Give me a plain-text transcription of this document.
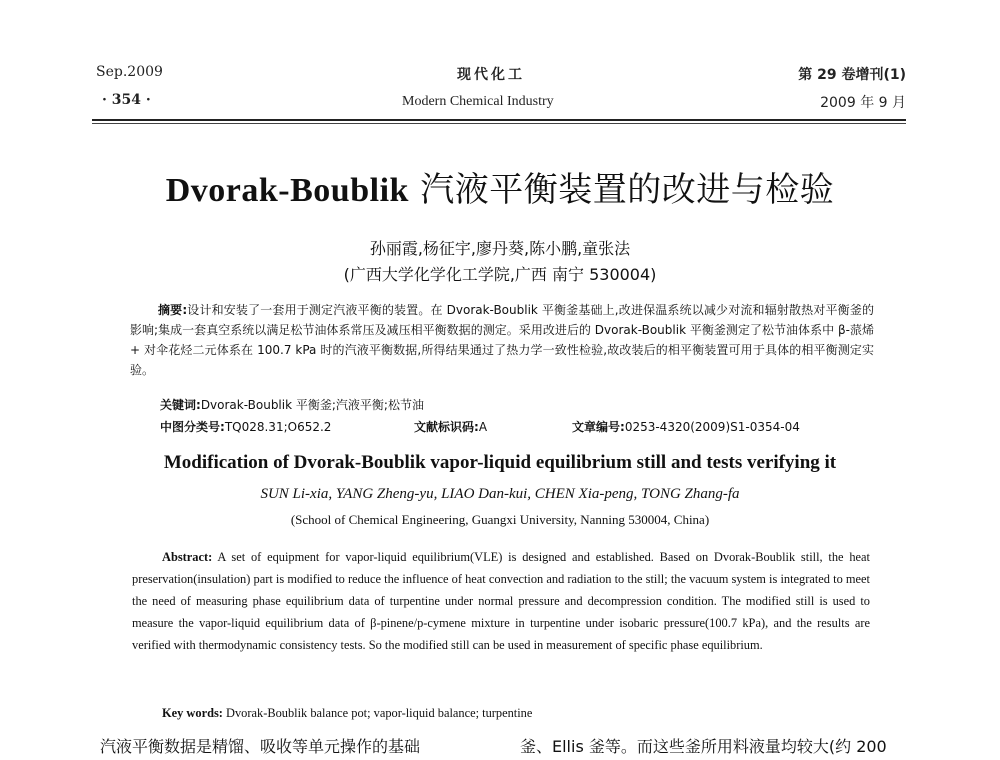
Sep.2009
· 354 ·
现代化工
Modern Chemical Industry
第 29 卷增刊(1)
2009 年 9 月
Dvorak-Boublik 汽液平衡装置的改进与检验
孙丽霞,杨征宇,廖丹葵,陈小鹏,童张法
(广西大学化学化工学院,广西 南宁 530004)
摘要:设计和安装了一套用于测定汽液平衡的装置。在 Dvorak-Boublik 平衡釜基础上,改进保温系统以减少对流和辐射散热对平衡釜的影响;集成一套真空系统以满足松节油体系常压及减压相平衡数据的测定。采用改进后的 Dvorak-Boublik 平衡釜测定了松节油体系中 β-蒎烯 + 对伞花烃二元体系在 100.7 kPa 时的汽液平衡数据,所得结果通过了热力学一致性检验,故改装后的相平衡装置可用于具体的相平衡测定实验。
关键词:Dvorak-Boublik 平衡釜;汽液平衡;松节油
中图分类号:TQ028.31;O652.2	文献标识码:A	文章编号:0253-4320(2009)S1-0354-04
Modification of Dvorak-Boublik vapor-liquid equilibrium still and tests verifying it
SUN Li-xia, YANG Zheng-yu, LIAO Dan-kui, CHEN Xia-peng, TONG Zhang-fa
(School of Chemical Engineering, Guangxi University, Nanning 530004, China)
Abstract: A set of equipment for vapor-liquid equilibrium(VLE) is designed and established. Based on Dvorak-Boublik still, the heat preservation(insulation) part is modified to reduce the influence of heat convection and radiation to the still; the vacuum system is integrated to meet the need of measuring phase equilibrium data of turpentine under normal pressure and decompression condition. The modified still is used to measure the vapor-liquid equilibrium data of β-pinene/p-cymene mixture in turpentine under isobaric pressure(100.7 kPa), and the results are verified with thermodynamic consistency tests. So the modified still can be used in measurement of specific phase equilibrium.
Key words: Dvorak-Boublik balance pot; vapor-liquid balance; turpentine
汽液平衡数据是精馏、吸收等单元操作的基础	釜、Ellis 釜等。而这些釜所用料液量均较大(约 200
